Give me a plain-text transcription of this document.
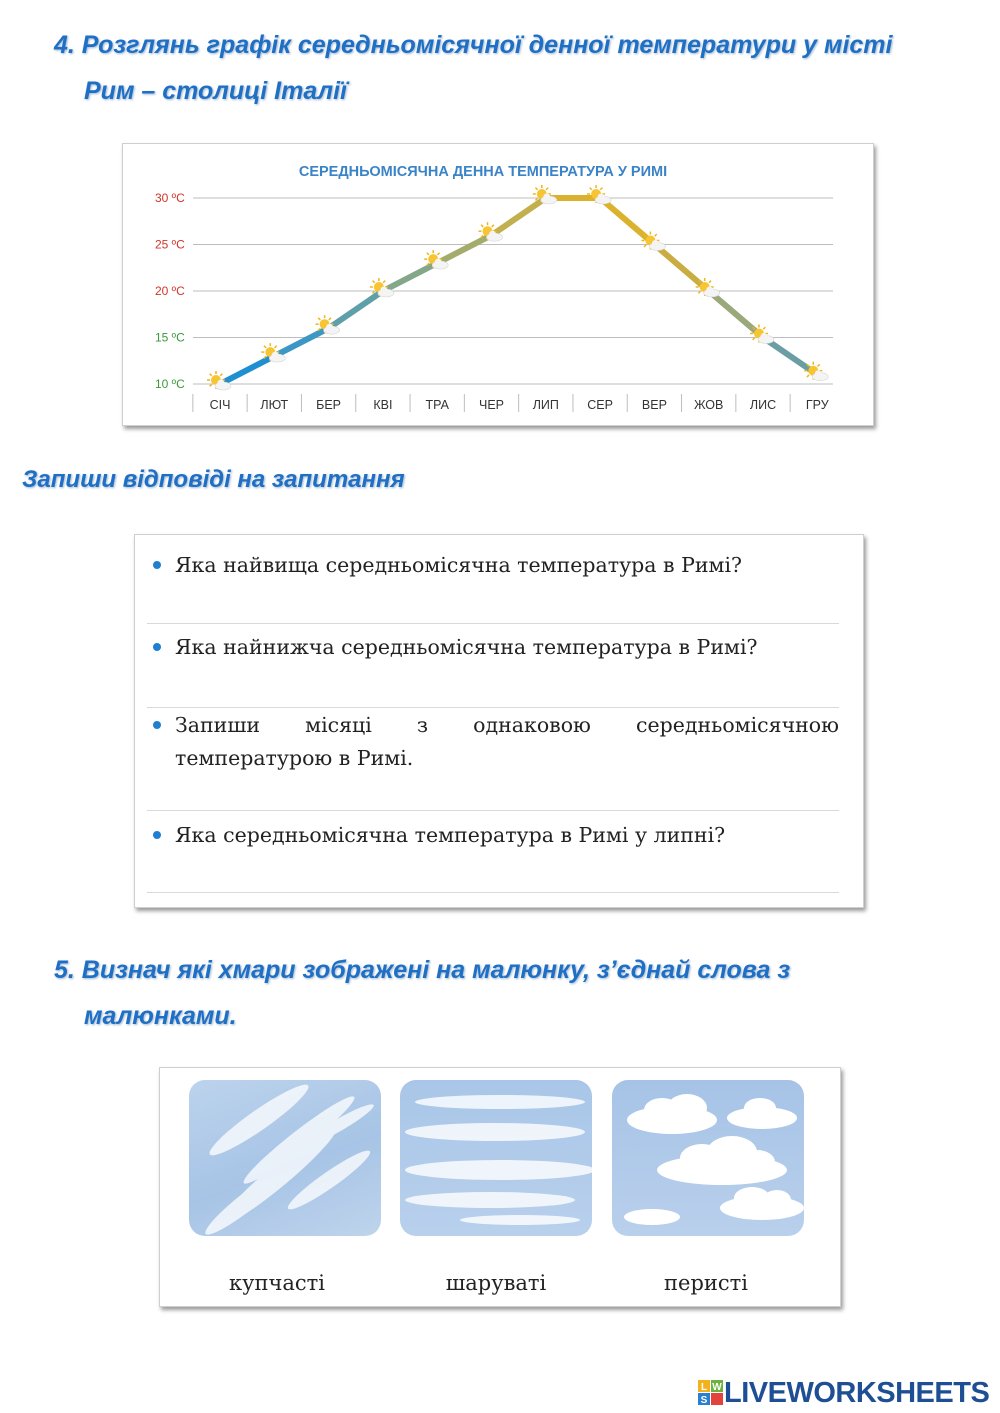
4. Розглянь графік середньомісячної денної температури у місті
Рим – столиці Італії
СЕРЕДНЬОМІСЯЧНА ДЕННА ТЕМПЕРАТУРА У РИМІ
30 ºC
25 ºC
20 ºC
15 ºC
10 ºC
СІЧ ЛЮТ БЕР	КВІ	ТРА ЧЕР ЛИП СЕР ВЕР ЖОВ ЛИС ГРУ
Запиши відповіді на запитання
Яка найвища середньомісячна температура в Римі?
Яка найнижча середньомісячна температура в Римі?
Запиши місяці з однаковою середньомісячною температурою в Римі.
Яка середньомісячна температура в Римі у липні?
5. Визнач які хмари зображені на малюнку, з’єднай слова з
малюнками.
купчасті	шаруваті	перисті
L W
S LIVEWORKSHEETS
